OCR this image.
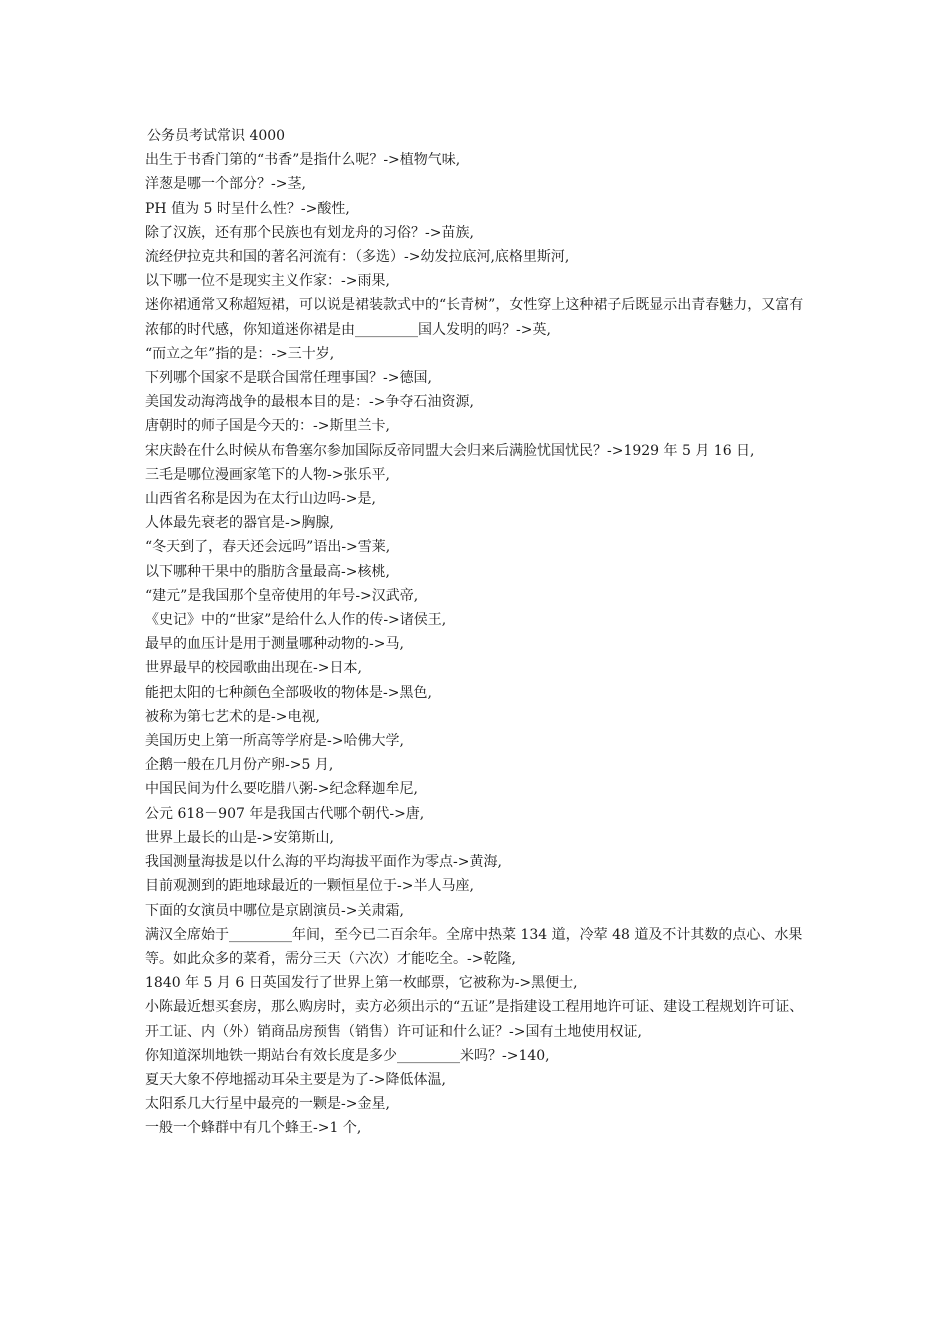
公务员考试常识 4000
出生于书香门第的“书香”是指什么呢？->植物气味,
洋葱是哪一个部分？->茎,
PH 值为 5 时呈什么性？->酸性,
除了汉族，还有那个民族也有划龙舟的习俗？->苗族,
流经伊拉克共和国的著名河流有：（多选）->幼发拉底河,底格里斯河,
以下哪一位不是现实主义作家：->雨果,
迷你裙通常又称超短裙，可以说是裙装款式中的“长青树”，女性穿上这种裙子后既显示出青春魅力，又富有浓郁的时代感，你知道迷你裙是由_________国人发明的吗？->英,
“而立之年”指的是：->三十岁,
下列哪个国家不是联合国常任理事国？->德国,
美国发动海湾战争的最根本目的是：->争夺石油资源,
唐朝时的师子国是今天的：->斯里兰卡,
宋庆龄在什么时候从布鲁塞尔参加国际反帝同盟大会归来后满脸忧国忧民？->1929 年 5 月 16 日,
三毛是哪位漫画家笔下的人物->张乐平,
山西省名称是因为在太行山边吗->是,
人体最先衰老的器官是->胸腺,
“冬天到了，春天还会远吗”语出->雪莱,
以下哪种干果中的脂肪含量最高->核桃,
“建元”是我国那个皇帝使用的年号->汉武帝,
《史记》中的“世家”是给什么人作的传->诸侯王,
最早的血压计是用于测量哪种动物的->马,
世界最早的校园歌曲出现在->日本,
能把太阳的七种颜色全部吸收的物体是->黑色,
被称为第七艺术的是->电视,
美国历史上第一所高等学府是->哈佛大学,
企鹅一般在几月份产卵->5 月,
中国民间为什么要吃腊八粥->纪念释迦牟尼,
公元 618－907 年是我国古代哪个朝代->唐,
世界上最长的山是->安第斯山,
我国测量海拔是以什么海的平均海拔平面作为零点->黄海,
目前观测到的距地球最近的一颗恒星位于->半人马座,
下面的女演员中哪位是京剧演员->关肃霜,
满汉全席始于_________年间，至今已二百余年。全席中热菜 134 道，冷荤 48 道及不计其数的点心、水果等。如此众多的菜肴，需分三天（六次）才能吃全。->乾隆,
1840 年 5 月 6 日英国发行了世界上第一枚邮票，它被称为->黑便士,
小陈最近想买套房，那么购房时，卖方必须出示的“五证”是指建设工程用地许可证、建设工程规划许可证、开工证、内（外）销商品房预售（销售）许可证和什么证？->国有土地使用权证,
你知道深圳地铁一期站台有效长度是多少_________米吗？->140,
夏天大象不停地摇动耳朵主要是为了->降低体温,
太阳系几大行星中最亮的一颗是->金星,
一般一个蜂群中有几个蜂王->1 个,
